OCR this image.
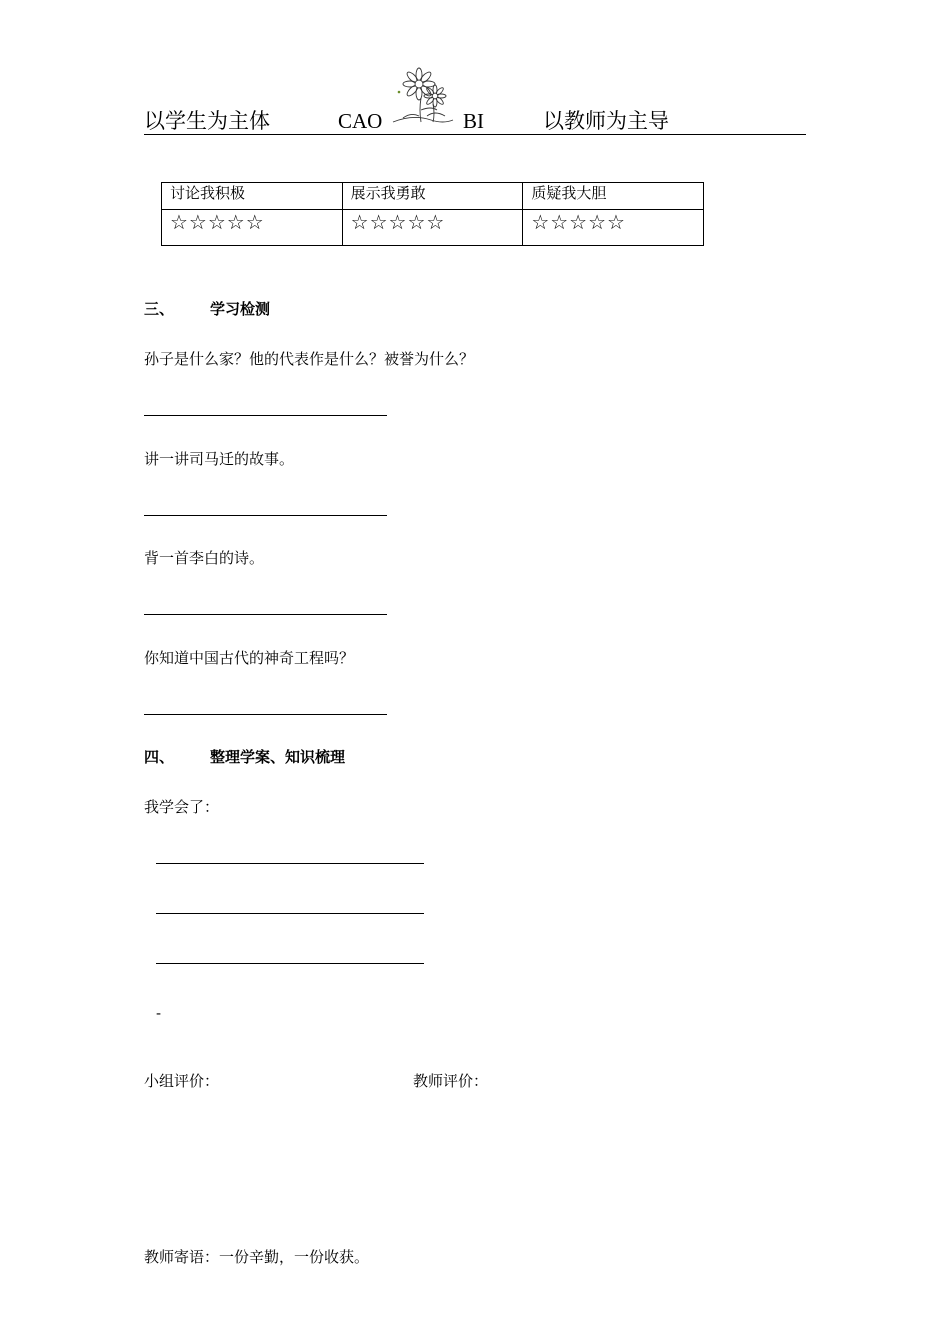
以学生为主体	CAO	BI	以教师为主导
讨论我积极	展示我勇敢	质疑我大胆
☆☆☆☆☆	☆☆☆☆☆	☆☆☆☆☆
三、 学习检测
孙子是什么家？他的代表作是什么？被誉为什么？
讲一讲司马迁的故事。
背一首李白的诗。
你知道中国古代的神奇工程吗？
四、 整理学案、知识梳理
我学会了：
-
小组评价：	教师评价：
教师寄语：一份辛勤，一份收获。
